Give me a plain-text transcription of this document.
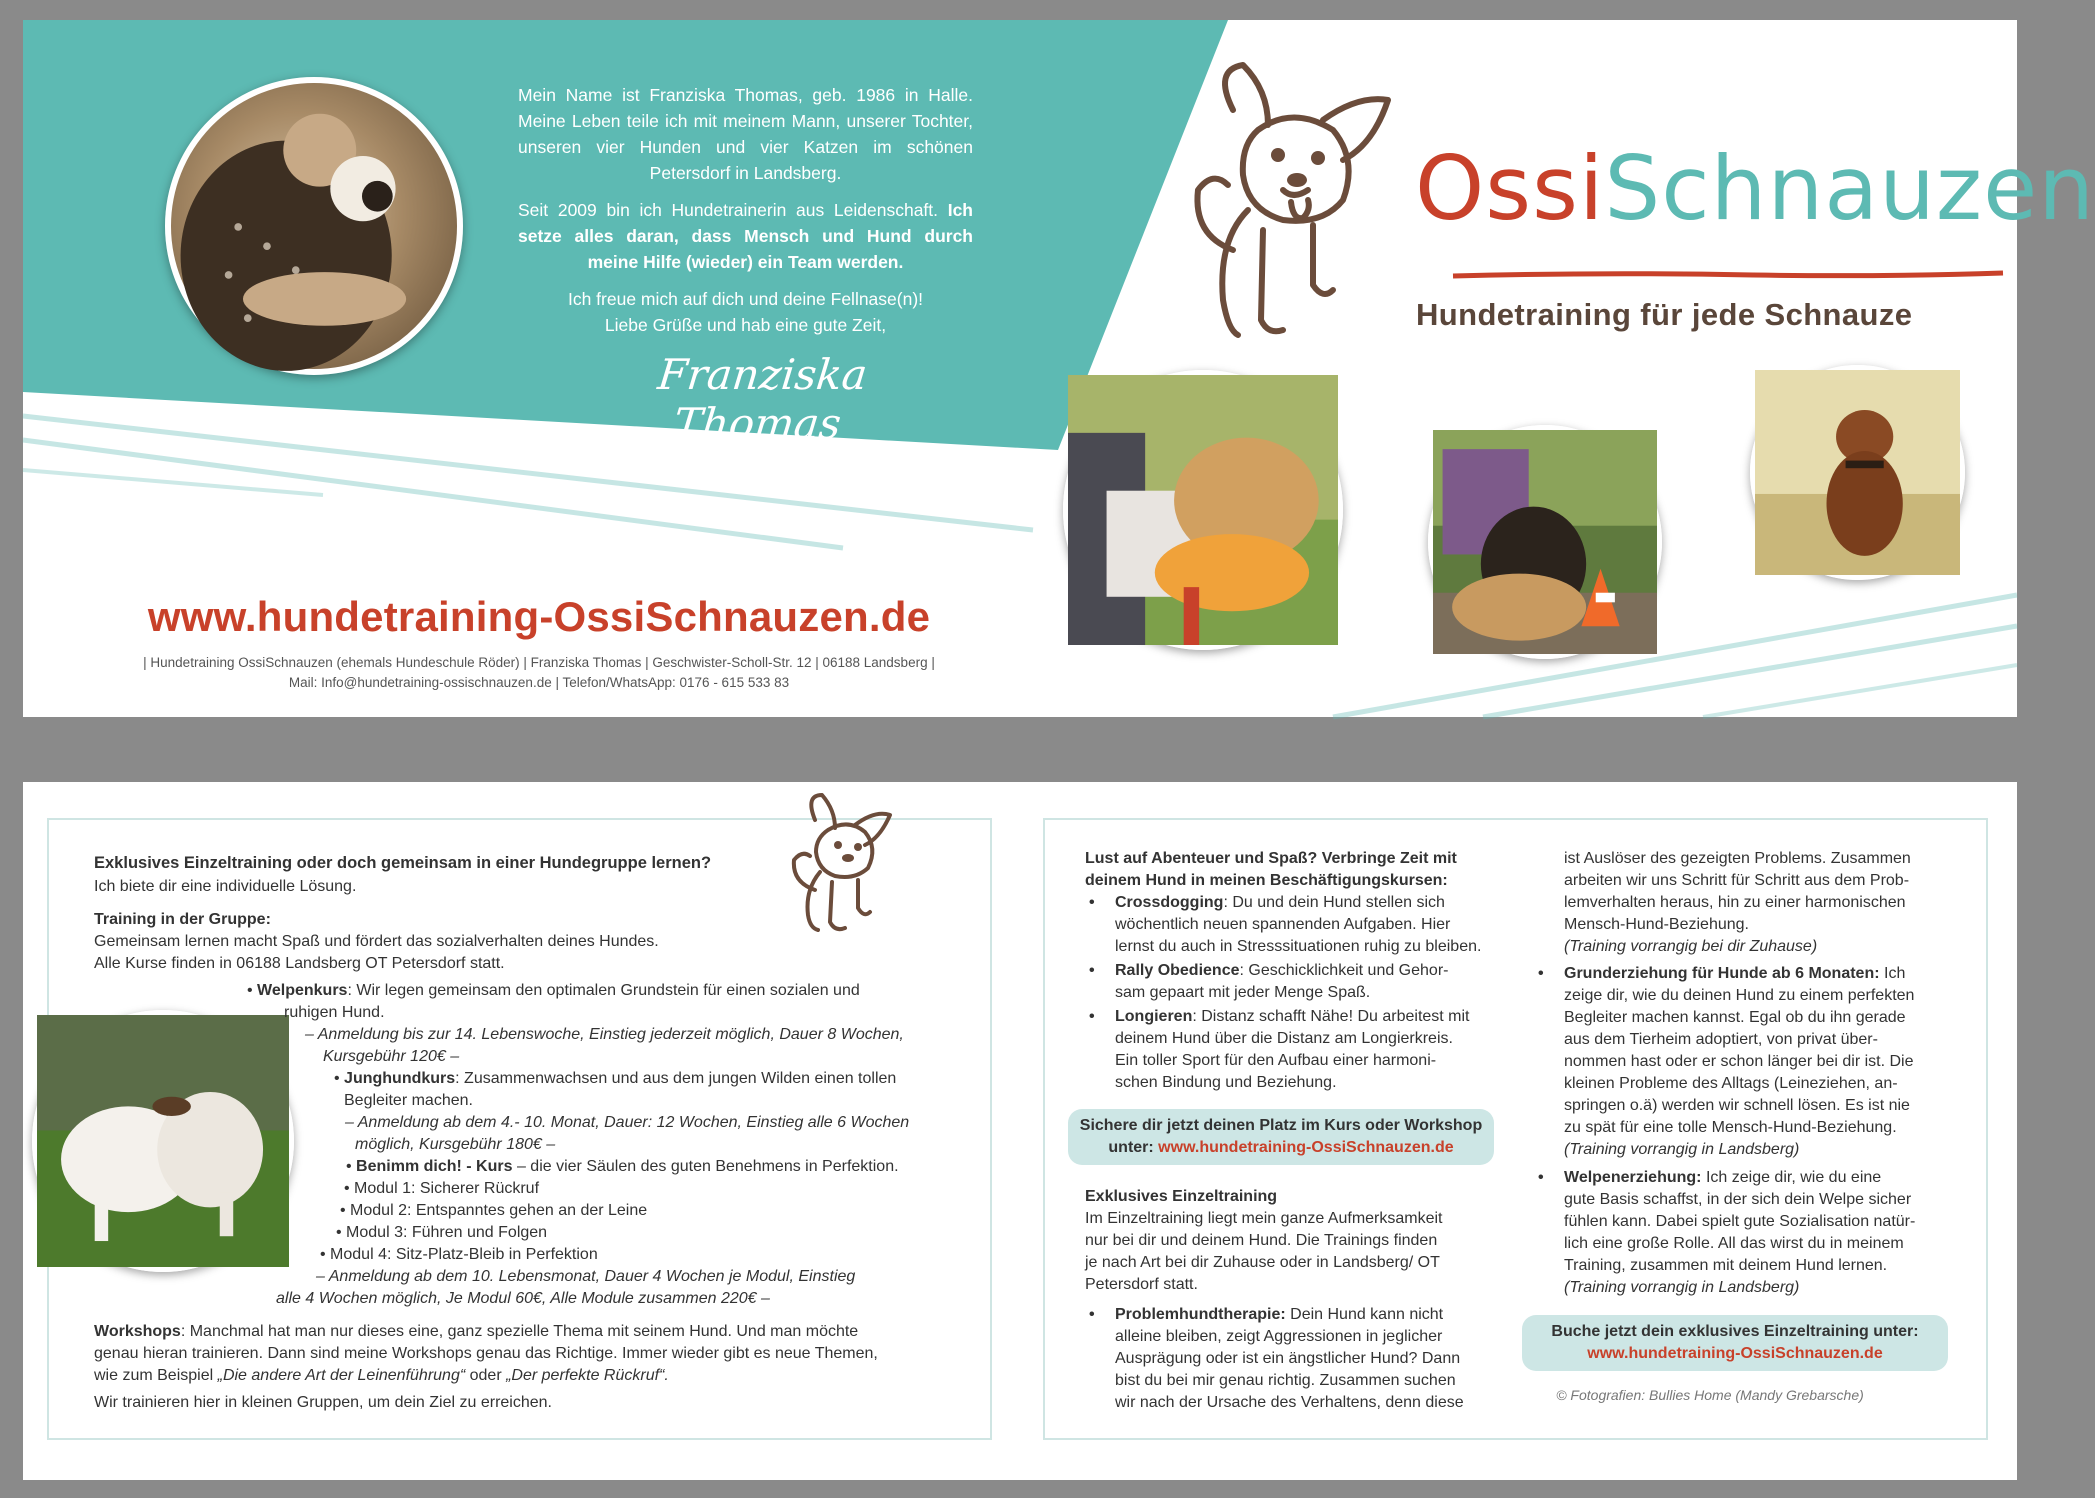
Mein Name ist Franziska Thomas, geb. 1986 in Halle. Meine Leben teile ich mit meinem Mann, unserer Tochter, unseren vier Hunden und vier Katzen im schönen Petersdorf in Landsberg.

Seit 2009 bin ich Hundetrainerin aus Leidenschaft. Ich setze alles daran, dass Mensch und Hund durch meine Hilfe (wieder) ein Team werden.

Ich freue mich auf dich und deine Fellnase(n)!
Liebe Grüße und hab eine gute Zeit,

Franziska Thomas
www.hundetraining-OssiSchnauzen.de
| Hundetraining OssiSchnauzen (ehemals Hundeschule Röder) | Franziska Thomas | Geschwister-Scholl-Str. 12 | 06188 Landsberg |
Mail: Info@hundetraining-ossischnauzen.de | Telefon/WhatsApp: 0176 - 615 533 83
OssiSchnauzen
Hundetraining für jede Schnauze
Exklusives Einzeltraining oder doch gemeinsam in einer Hundegruppe lernen?
Ich biete dir eine individuelle Lösung.
Training in der Gruppe:
Gemeinsam lernen macht Spaß und fördert das sozialverhalten deines Hundes.
Alle Kurse finden in 06188 Landsberg OT Petersdorf statt.
• Welpenkurs: Wir legen gemeinsam den optimalen Grundstein für einen sozialen und
ruhigen Hund.
– Anmeldung bis zur 14. Lebenswoche, Einstieg jederzeit möglich, Dauer 8 Wochen,
Kursgebühr 120€ –
• Junghundkurs: Zusammenwachsen und aus dem jungen Wilden einen tollen
Begleiter machen.
– Anmeldung ab dem 4.- 10. Monat, Dauer: 12 Wochen, Einstieg alle 6 Wochen
möglich, Kursgebühr 180€ –
• Benimm dich! - Kurs – die vier Säulen des guten Benehmens in Perfektion.
• Modul 1: Sicherer Rückruf
• Modul 2: Entspanntes gehen an der Leine
• Modul 3: Führen und Folgen
• Modul 4: Sitz-Platz-Bleib in Perfektion
– Anmeldung ab dem 10. Lebensmonat, Dauer 4 Wochen je Modul, Einstieg
alle 4 Wochen möglich, Je Modul 60€, Alle Module zusammen 220€ –
Workshops: Manchmal hat man nur dieses eine, ganz spezielle Thema mit seinem Hund. Und man möchte
genau hieran trainieren. Dann sind meine Workshops genau das Richtige. Immer wieder gibt es neue Themen,
wie zum Beispiel „Die andere Art der Leinenführung“ oder „Der perfekte Rückruf“.
Wir trainieren hier in kleinen Gruppen, um dein Ziel zu erreichen.
Lust auf Abenteuer und Spaß? Verbringe Zeit mit
deinem Hund in meinen Beschäftigungskursen:
• Crossdogging: Du und dein Hund stellen sich
wöchentlich neuen spannenden Aufgaben. Hier
lernst du auch in Stresssituationen ruhig zu bleiben.
• Rally Obedience: Geschicklichkeit und Gehor-
sam gepaart mit jeder Menge Spaß.
• Longieren: Distanz schafft Nähe! Du arbeitest mit
deinem Hund über die Distanz am Longierkreis.
Ein toller Sport für den Aufbau einer harmoni-
schen Bindung und Beziehung.
Sichere dir jetzt deinen Platz im Kurs oder Workshop
unter: www.hundetraining-OssiSchnauzen.de
Exklusives Einzeltraining
Im Einzeltraining liegt mein ganze Aufmerksamkeit
nur bei dir und deinem Hund. Die Trainings finden
je nach Art bei dir Zuhause oder in Landsberg/ OT
Petersdorf statt.
• Problemhundtherapie: Dein Hund kann nicht
alleine bleiben, zeigt Aggressionen in jeglicher
Ausprägung oder ist ein ängstlicher Hund? Dann
bist du bei mir genau richtig. Zusammen suchen
wir nach der Ursache des Verhaltens, denn diese
ist Auslöser des gezeigten Problems. Zusammen
arbeiten wir uns Schritt für Schritt aus dem Prob-
lemverhalten heraus, hin zu einer harmonischen
Mensch-Hund-Beziehung.
(Training vorrangig bei dir Zuhause)
• Grunderziehung für Hunde ab 6 Monaten: Ich
zeige dir, wie du deinen Hund zu einem perfekten
Begleiter machen kannst. Egal ob du ihn gerade
aus dem Tierheim adoptiert, von privat über-
nommen hast oder er schon länger bei dir ist. Die
kleinen Probleme des Alltags (Leineziehen, an-
springen o.ä) werden wir schnell lösen. Es ist nie
zu spät für eine tolle Mensch-Hund-Beziehung.
(Training vorrangig in Landsberg)
• Welpenerziehung: Ich zeige dir, wie du eine
gute Basis schaffst, in der sich dein Welpe sicher
fühlen kann. Dabei spielt gute Sozialisation natür-
lich eine große Rolle. All das wirst du in meinem
Training, zusammen mit deinem Hund lernen.
(Training vorrangig in Landsberg)
Buche jetzt dein exklusives Einzeltraining unter:
www.hundetraining-OssiSchnauzen.de
© Fotografien: Bullies Home (Mandy Grebarsche)
